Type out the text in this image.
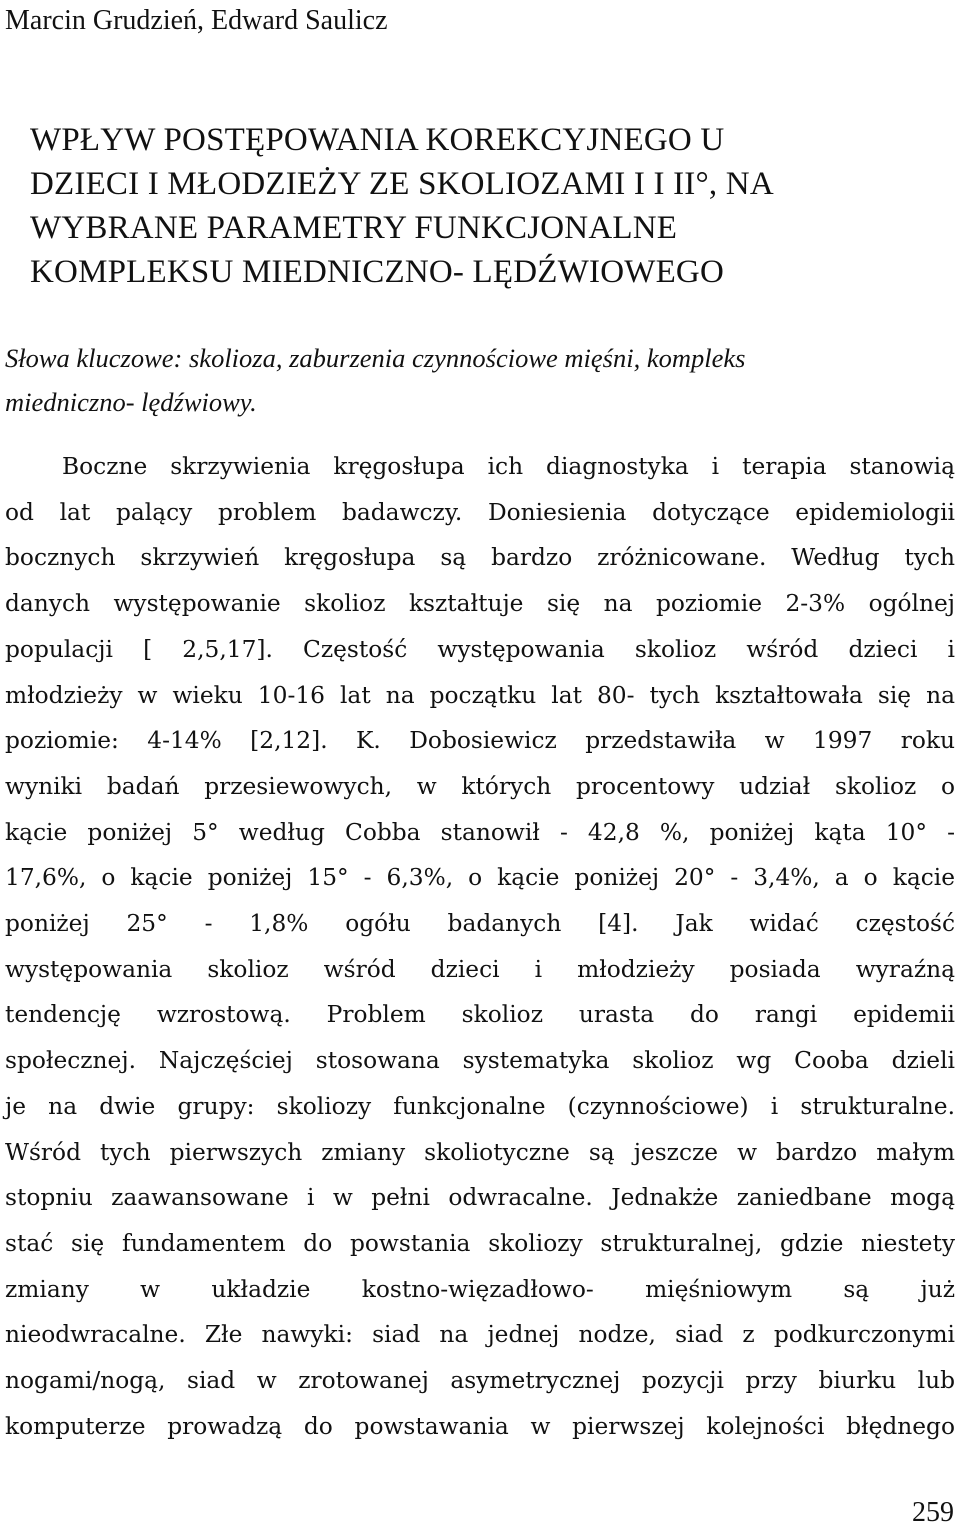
Marcin Grudzień, Edward Saulicz
WPŁYW POSTĘPOWANIA KOREKCYJNEGO U
DZIECI I MŁODZIEŻY ZE SKOLIOZAMI I I II°, NA
WYBRANE PARAMETRY FUNKCJONALNE
KOMPLEKSU MIEDNICZNO- LĘDŹWIOWEGO

Słowa kluczowe: skolioza, zaburzenia czynnościowe mięśni, kompleks
miedniczno- lędźwiowy.

Boczne skrzywienia kręgosłupa ich diagnostyka i terapia stanowią
od lat palący problem badawczy. Doniesienia dotyczące epidemiologii
bocznych skrzywień kręgosłupa są bardzo zróżnicowane. Według tych
danych występowanie skolioz kształtuje się na poziomie 2-3% ogólnej
populacji [ 2,5,17]. Częstość występowania skolioz wśród dzieci i
młodzieży w wieku 10-16 lat na początku lat 80- tych kształtowała się na
poziomie: 4-14% [2,12]. K. Dobosiewicz przedstawiła w 1997 roku
wyniki badań przesiewowych, w których procentowy udział skolioz o
kącie poniżej 5° według Cobba stanowił - 42,8 %, poniżej kąta 10° -
17,6%, o kącie poniżej 15° - 6,3%, o kącie poniżej 20° - 3,4%, a o kącie
poniżej 25° - 1,8% ogółu badanych [4]. Jak widać częstość
występowania skolioz wśród dzieci i młodzieży posiada wyraźną
tendencję wzrostową. Problem skolioz urasta do rangi epidemii
społecznej. Najczęściej stosowana systematyka skolioz wg Cooba dzieli
je na dwie grupy: skoliozy funkcjonalne (czynnościowe) i strukturalne.
Wśród tych pierwszych zmiany skoliotyczne są jeszcze w bardzo małym
stopniu zaawansowane i w pełni odwracalne. Jednakże zaniedbane mogą
stać się fundamentem do powstania skoliozy strukturalnej, gdzie niestety
zmiany w układzie kostno-więzadłowo- mięśniowym są już
nieodwracalne. Złe nawyki: siad na jednej nodze, siad z podkurczonymi
nogami/nogą, siad w zrotowanej asymetrycznej pozycji przy biurku lub
komputerze prowadzą do powstawania w pierwszej kolejności błędnego

259
